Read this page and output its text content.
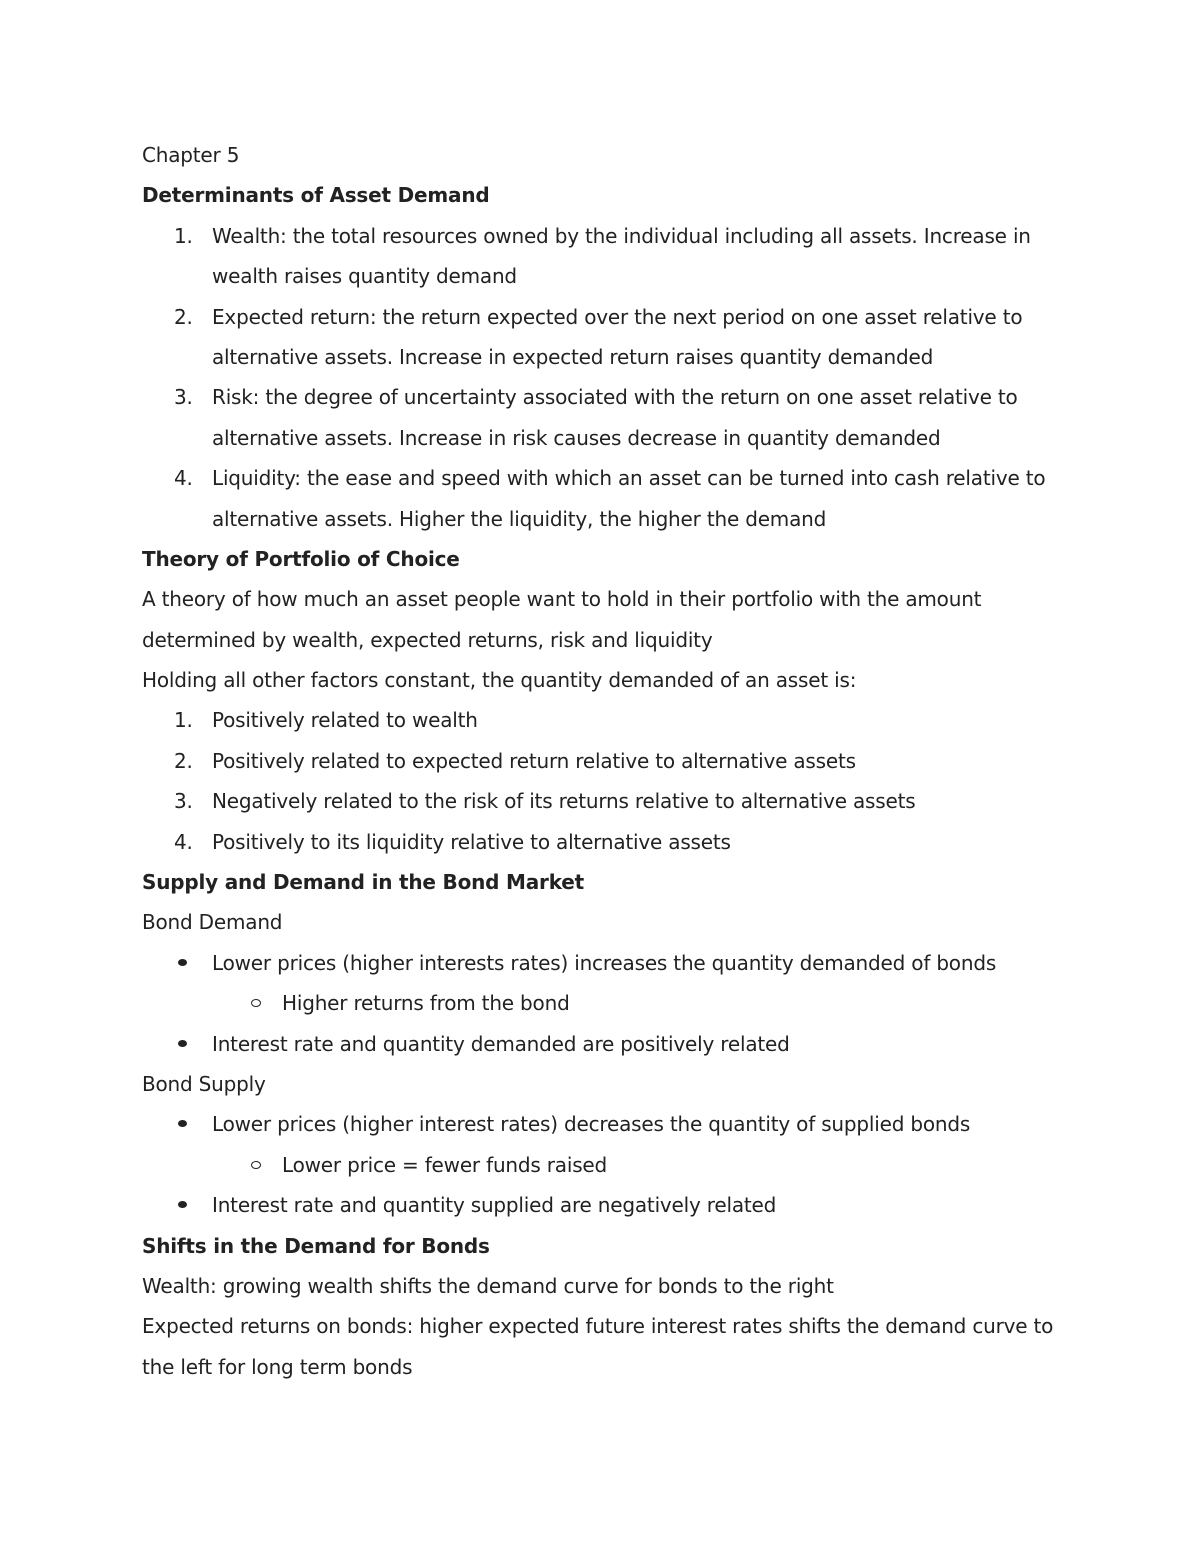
Chapter 5
Determinants of Asset Demand
1. Wealth: the total resources owned by the individual including all assets. Increase in
wealth raises quantity demand
2. Expected return: the return expected over the next period on one asset relative to
alternative assets. Increase in expected return raises quantity demanded
3. Risk: the degree of uncertainty associated with the return on one asset relative to
alternative assets. Increase in risk causes decrease in quantity demanded
4. Liquidity: the ease and speed with which an asset can be turned into cash relative to
alternative assets. Higher the liquidity, the higher the demand
Theory of Portfolio of Choice
A theory of how much an asset people want to hold in their portfolio with the amount
determined by wealth, expected returns, risk and liquidity
Holding all other factors constant, the quantity demanded of an asset is:
1. Positively related to wealth
2. Positively related to expected return relative to alternative assets
3. Negatively related to the risk of its returns relative to alternative assets
4. Positively to its liquidity relative to alternative assets
Supply and Demand in the Bond Market
Bond Demand
Lower prices (higher interests rates) increases the quantity demanded of bonds
Higher returns from the bond
Interest rate and quantity demanded are positively related
Bond Supply
Lower prices (higher interest rates) decreases the quantity of supplied bonds
Lower price = fewer funds raised
Interest rate and quantity supplied are negatively related
Shifts in the Demand for Bonds
Wealth: growing wealth shifts the demand curve for bonds to the right
Expected returns on bonds: higher expected future interest rates shifts the demand curve to
the left for long term bonds
